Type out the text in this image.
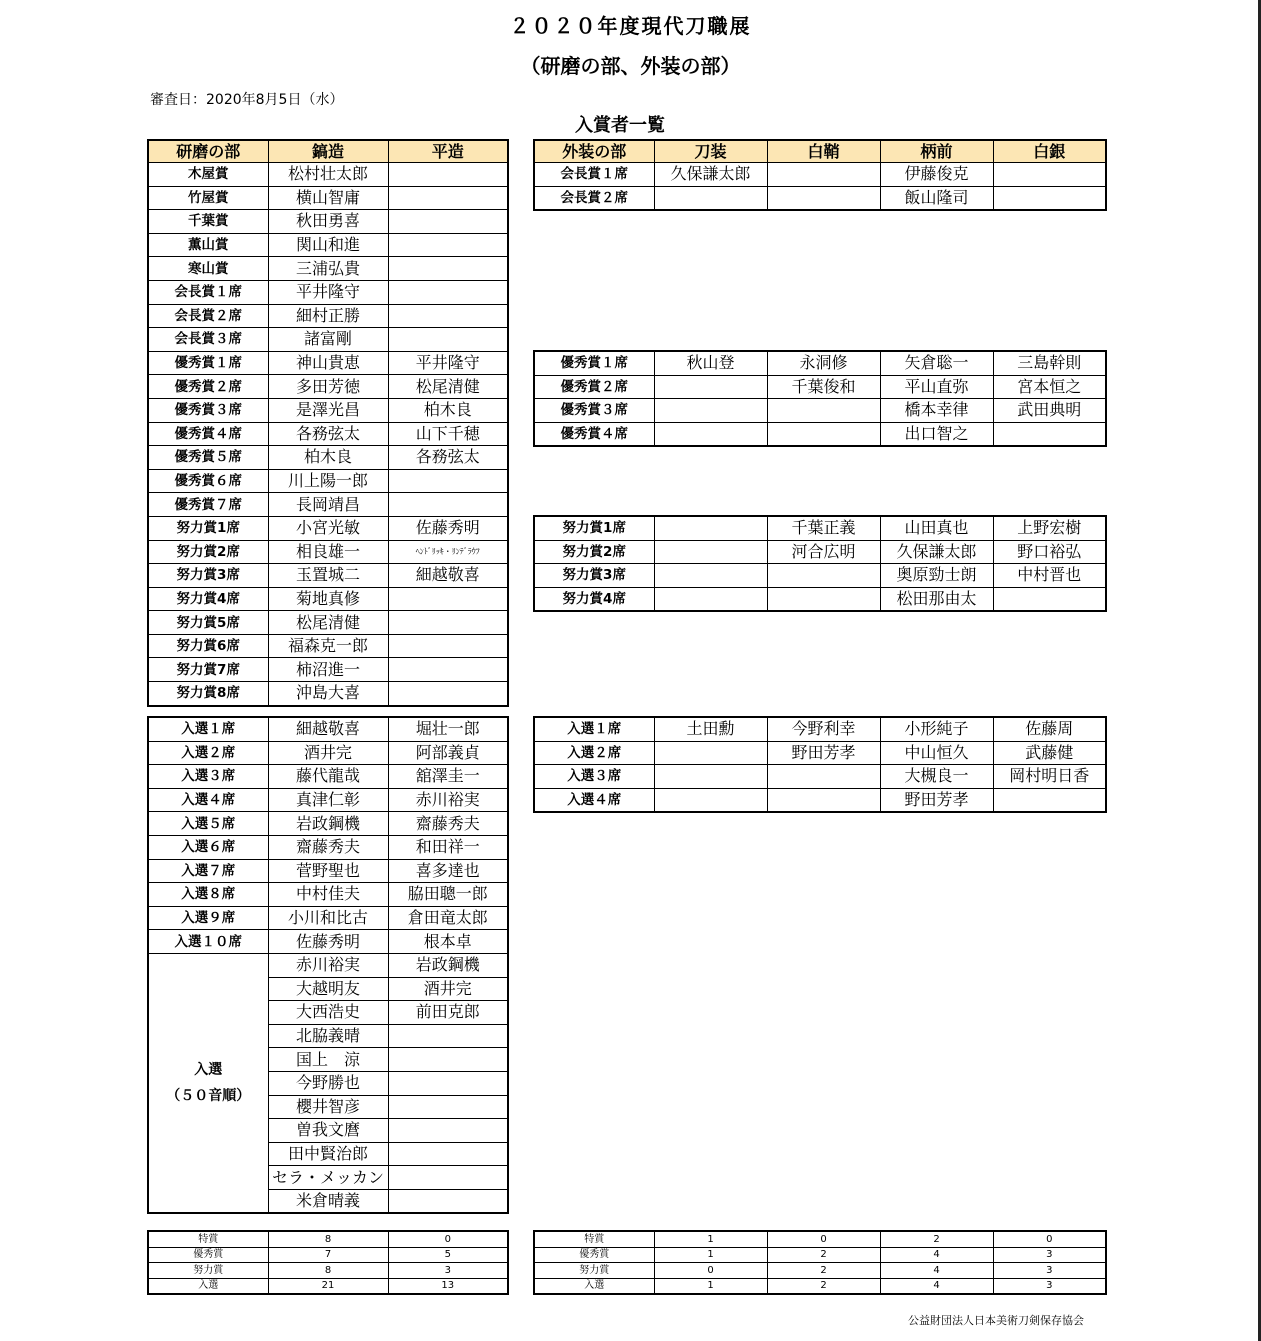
２０２０年度現代刀職展
（研磨の部、外装の部）
審査日：2020年8月5日（水）
入賞者一覧
研磨の部	鎬造	平造
木屋賞	松村壮太郎	
竹屋賞	横山智庸	
千葉賞	秋田勇喜	
薫山賞	関山和進	
寒山賞	三浦弘貴	
会長賞１席	平井隆守	
会長賞２席	細村正勝	
会長賞３席	諸富剛	
優秀賞１席	神山貴恵	平井隆守
優秀賞２席	多田芳徳	松尾清健
優秀賞３席	是澤光昌	柏木良
優秀賞４席	各務弦太	山下千穂
優秀賞５席	柏木良	各務弦太
優秀賞６席	川上陽一郎	
優秀賞７席	長岡靖昌	
努力賞1席	小宮光敏	佐藤秀明
努力賞2席	相良雄一	ﾍﾝﾄﾞﾘｯｷ・ﾘﾝﾃﾞﾗｳﾌ
努力賞3席	玉置城二	細越敬喜
努力賞4席	菊地真修	
努力賞5席	松尾清健	
努力賞6席	福森克一郎	
努力賞7席	柿沼進一	
努力賞8席	沖島大喜	
入選１席	細越敬喜	堀壮一郎
入選２席	酒井完	阿部義貞
入選３席	藤代龍哉	舘澤圭一
入選４席	真津仁彰	赤川裕実
入選５席	岩政鋼機	齋藤秀夫
入選６席	齋藤秀夫	和田祥一
入選７席	菅野聖也	喜多達也
入選８席	中村佳夫	脇田聰一郎
入選９席	小川和比古	倉田竜太郎
入選１０席	佐藤秀明	根本卓

入選
（５０音順）	赤川裕実	岩政鋼機
	大越明友	酒井完
	大西浩史	前田克郎
	北脇義晴	
	国上　涼	
	今野勝也	
	櫻井智彦	
	曽我文麿	
	田中賢治郎	
	セラ・メッカン	
	米倉晴義	
外装の部	刀装	白鞘	柄前	白銀
会長賞１席	久保謙太郎		伊藤俊克	
会長賞２席			飯山隆司	
優秀賞１席	秋山登	永洞修	矢倉聡一	三島幹則
優秀賞２席		千葉俊和	平山直弥	宮本恒之
優秀賞３席			橋本幸律	武田典明
優秀賞４席			出口智之	
努力賞1席		千葉正義	山田真也	上野宏樹
努力賞2席		河合広明	久保謙太郎	野口裕弘
努力賞3席			奥原勁士朗	中村晋也
努力賞4席			松田那由太	
入選１席	土田勳	今野利幸	小形純子	佐藤周
入選２席		野田芳孝	中山恒久	武藤健
入選３席			大槻良一	岡村明日香
入選４席			野田芳孝	
特賞	8	0
優秀賞	7	5
努力賞	8	3
入選	21	13
特賞	1	0	2	0
優秀賞	1	2	4	3
努力賞	0	2	4	3
入選	1	2	4	3
公益財団法人日本美術刀剣保存協会
